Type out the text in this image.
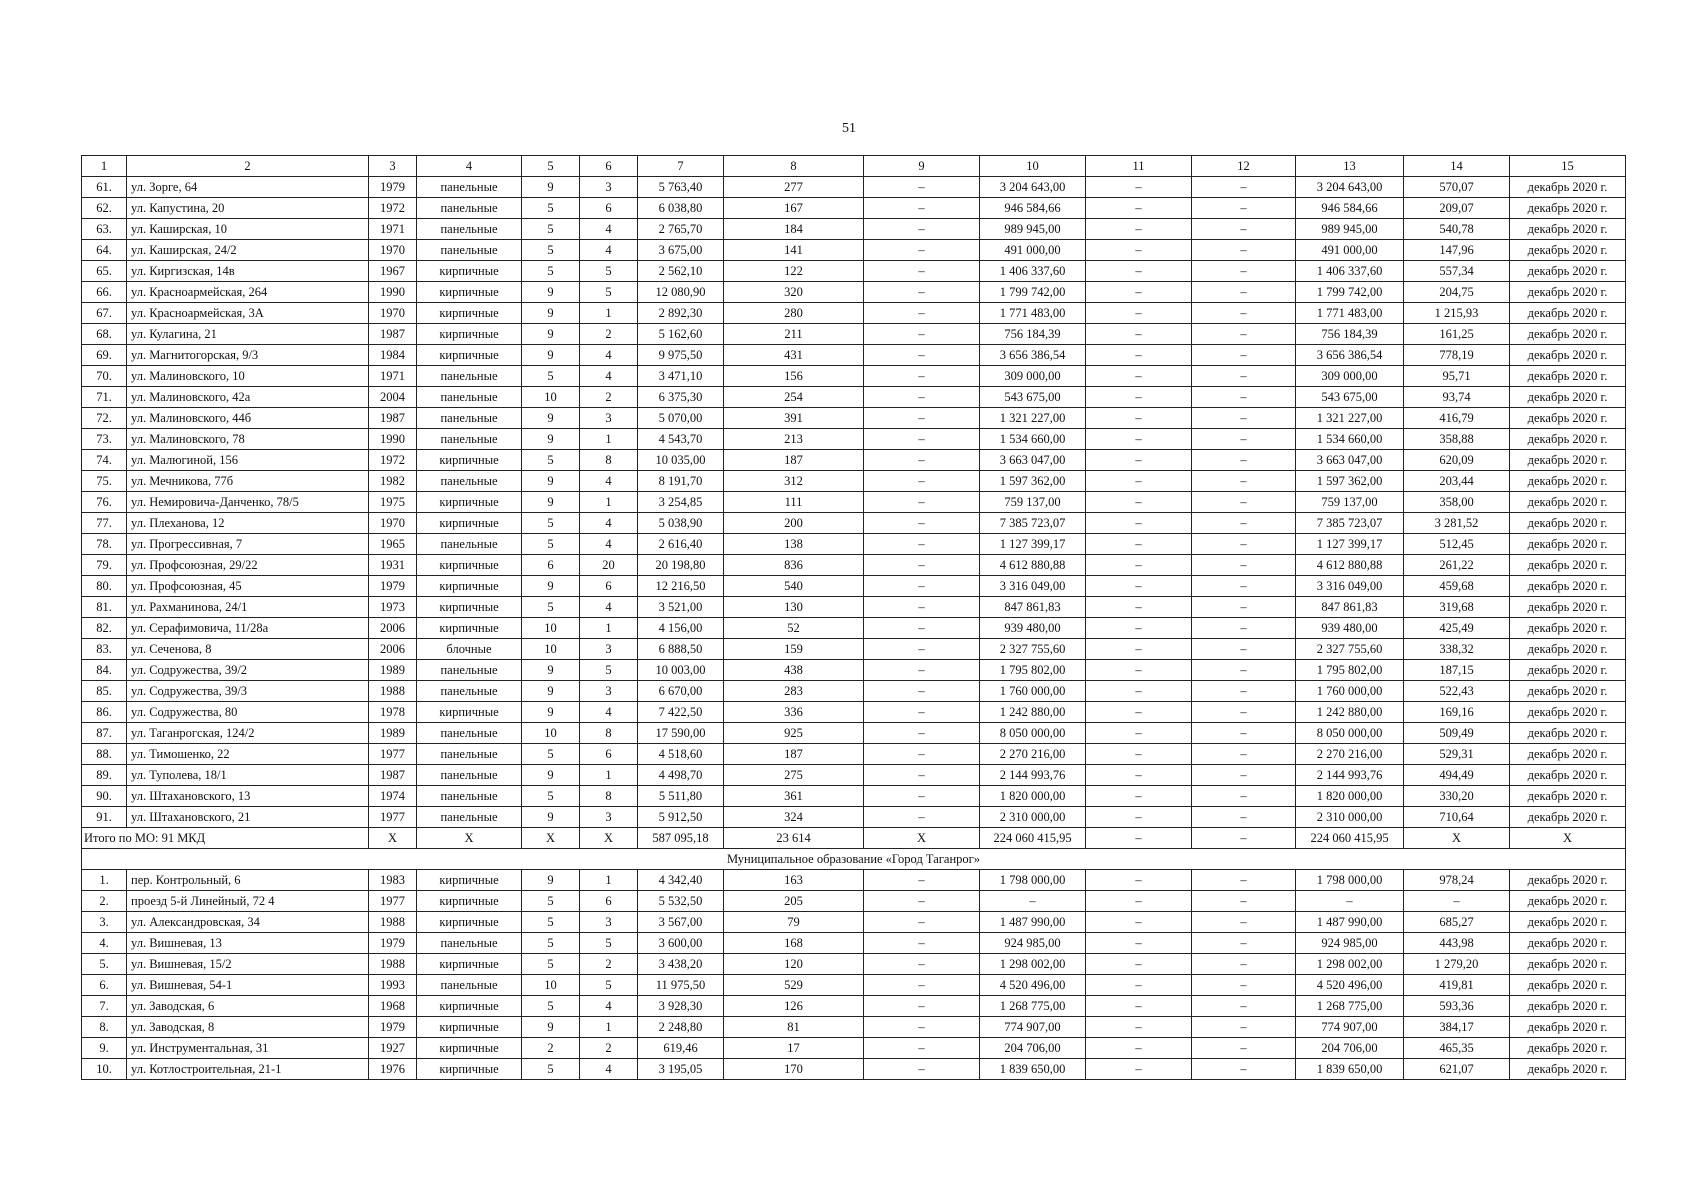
51
1	2	3	4	5	6	7	8	9	10	11	12	13	14	15
61.	ул. Зорге, 64	1979	панельные	9	3	5 763,40	277	–	3 204 643,00	–	–	3 204 643,00	570,07	декабрь 2020 г.
62.	ул. Капустина, 20	1972	панельные	5	6	6 038,80	167	–	946 584,66	–	–	946 584,66	209,07	декабрь 2020 г.
63.	ул. Каширская, 10	1971	панельные	5	4	2 765,70	184	–	989 945,00	–	–	989 945,00	540,78	декабрь 2020 г.
64.	ул. Каширская, 24/2	1970	панельные	5	4	3 675,00	141	–	491 000,00	–	–	491 000,00	147,96	декабрь 2020 г.
65.	ул. Киргизская, 14в	1967	кирпичные	5	5	2 562,10	122	–	1 406 337,60	–	–	1 406 337,60	557,34	декабрь 2020 г.
66.	ул. Красноармейская, 264	1990	кирпичные	9	5	12 080,90	320	–	1 799 742,00	–	–	1 799 742,00	204,75	декабрь 2020 г.
67.	ул. Красноармейская, 3А	1970	кирпичные	9	1	2 892,30	280	–	1 771 483,00	–	–	1 771 483,00	1 215,93	декабрь 2020 г.
68.	ул. Кулагина, 21	1987	кирпичные	9	2	5 162,60	211	–	756 184,39	–	–	756 184,39	161,25	декабрь 2020 г.
69.	ул. Магнитогорская, 9/3	1984	кирпичные	9	4	9 975,50	431	–	3 656 386,54	–	–	3 656 386,54	778,19	декабрь 2020 г.
70.	ул. Малиновского, 10	1971	панельные	5	4	3 471,10	156	–	309 000,00	–	–	309 000,00	95,71	декабрь 2020 г.
71.	ул. Малиновского, 42а	2004	панельные	10	2	6 375,30	254	–	543 675,00	–	–	543 675,00	93,74	декабрь 2020 г.
72.	ул. Малиновского, 44б	1987	панельные	9	3	5 070,00	391	–	1 321 227,00	–	–	1 321 227,00	416,79	декабрь 2020 г.
73.	ул. Малиновского, 78	1990	панельные	9	1	4 543,70	213	–	1 534 660,00	–	–	1 534 660,00	358,88	декабрь 2020 г.
74.	ул. Малюгиной, 156	1972	кирпичные	5	8	10 035,00	187	–	3 663 047,00	–	–	3 663 047,00	620,09	декабрь 2020 г.
75.	ул. Мечникова, 77б	1982	панельные	9	4	8 191,70	312	–	1 597 362,00	–	–	1 597 362,00	203,44	декабрь 2020 г.
76.	ул. Немировича-Данченко, 78/5	1975	кирпичные	9	1	3 254,85	111	–	759 137,00	–	–	759 137,00	358,00	декабрь 2020 г.
77.	ул. Плеханова, 12	1970	кирпичные	5	4	5 038,90	200	–	7 385 723,07	–	–	7 385 723,07	3 281,52	декабрь 2020 г.
78.	ул. Прогрессивная, 7	1965	панельные	5	4	2 616,40	138	–	1 127 399,17	–	–	1 127 399,17	512,45	декабрь 2020 г.
79.	ул. Профсоюзная, 29/22	1931	кирпичные	6	20	20 198,80	836	–	4 612 880,88	–	–	4 612 880,88	261,22	декабрь 2020 г.
80.	ул. Профсоюзная, 45	1979	кирпичные	9	6	12 216,50	540	–	3 316 049,00	–	–	3 316 049,00	459,68	декабрь 2020 г.
81.	ул. Рахманинова, 24/1	1973	кирпичные	5	4	3 521,00	130	–	847 861,83	–	–	847 861,83	319,68	декабрь 2020 г.
82.	ул. Серафимовича, 11/28а	2006	кирпичные	10	1	4 156,00	52	–	939 480,00	–	–	939 480,00	425,49	декабрь 2020 г.
83.	ул. Сеченова, 8	2006	блочные	10	3	6 888,50	159	–	2 327 755,60	–	–	2 327 755,60	338,32	декабрь 2020 г.
84.	ул. Содружества, 39/2	1989	панельные	9	5	10 003,00	438	–	1 795 802,00	–	–	1 795 802,00	187,15	декабрь 2020 г.
85.	ул. Содружества, 39/3	1988	панельные	9	3	6 670,00	283	–	1 760 000,00	–	–	1 760 000,00	522,43	декабрь 2020 г.
86.	ул. Содружества, 80	1978	кирпичные	9	4	7 422,50	336	–	1 242 880,00	–	–	1 242 880,00	169,16	декабрь 2020 г.
87.	ул. Таганрогская, 124/2	1989	панельные	10	8	17 590,00	925	–	8 050 000,00	–	–	8 050 000,00	509,49	декабрь 2020 г.
88.	ул. Тимошенко, 22	1977	панельные	5	6	4 518,60	187	–	2 270 216,00	–	–	2 270 216,00	529,31	декабрь 2020 г.
89.	ул. Туполева, 18/1	1987	панельные	9	1	4 498,70	275	–	2 144 993,76	–	–	2 144 993,76	494,49	декабрь 2020 г.
90.	ул. Штахановского, 13	1974	панельные	5	8	5 511,80	361	–	1 820 000,00	–	–	1 820 000,00	330,20	декабрь 2020 г.
91.	ул. Штахановского, 21	1977	панельные	9	3	5 912,50	324	–	2 310 000,00	–	–	2 310 000,00	710,64	декабрь 2020 г.
Итого по МО: 91 МКД		X	X	X	X	587 095,18	23 614	X	224 060 415,95	–	–	224 060 415,95	X	X
Муниципальное образование «Город Таганрог»														
1.	пер. Контрольный, 6	1983	кирпичные	9	1	4 342,40	163	–	1 798 000,00	–	–	1 798 000,00	978,24	декабрь 2020 г.
2.	проезд 5-й Линейный, 72 4	1977	кирпичные	5	6	5 532,50	205	–	–	–	–	–	–	декабрь 2020 г.
3.	ул. Александровская, 34	1988	кирпичные	5	3	3 567,00	79	–	1 487 990,00	–	–	1 487 990,00	685,27	декабрь 2020 г.
4.	ул. Вишневая, 13	1979	панельные	5	5	3 600,00	168	–	924 985,00	–	–	924 985,00	443,98	декабрь 2020 г.
5.	ул. Вишневая, 15/2	1988	кирпичные	5	2	3 438,20	120	–	1 298 002,00	–	–	1 298 002,00	1 279,20	декабрь 2020 г.
6.	ул. Вишневая, 54-1	1993	панельные	10	5	11 975,50	529	–	4 520 496,00	–	–	4 520 496,00	419,81	декабрь 2020 г.
7.	ул. Заводская, 6	1968	кирпичные	5	4	3 928,30	126	–	1 268 775,00	–	–	1 268 775,00	593,36	декабрь 2020 г.
8.	ул. Заводская, 8	1979	кирпичные	9	1	2 248,80	81	–	774 907,00	–	–	774 907,00	384,17	декабрь 2020 г.
9.	ул. Инструментальная, 31	1927	кирпичные	2	2	619,46	17	–	204 706,00	–	–	204 706,00	465,35	декабрь 2020 г.
10.	ул. Котлостроительная, 21-1	1976	кирпичные	5	4	3 195,05	170	–	1 839 650,00	–	–	1 839 650,00	621,07	декабрь 2020 г.
